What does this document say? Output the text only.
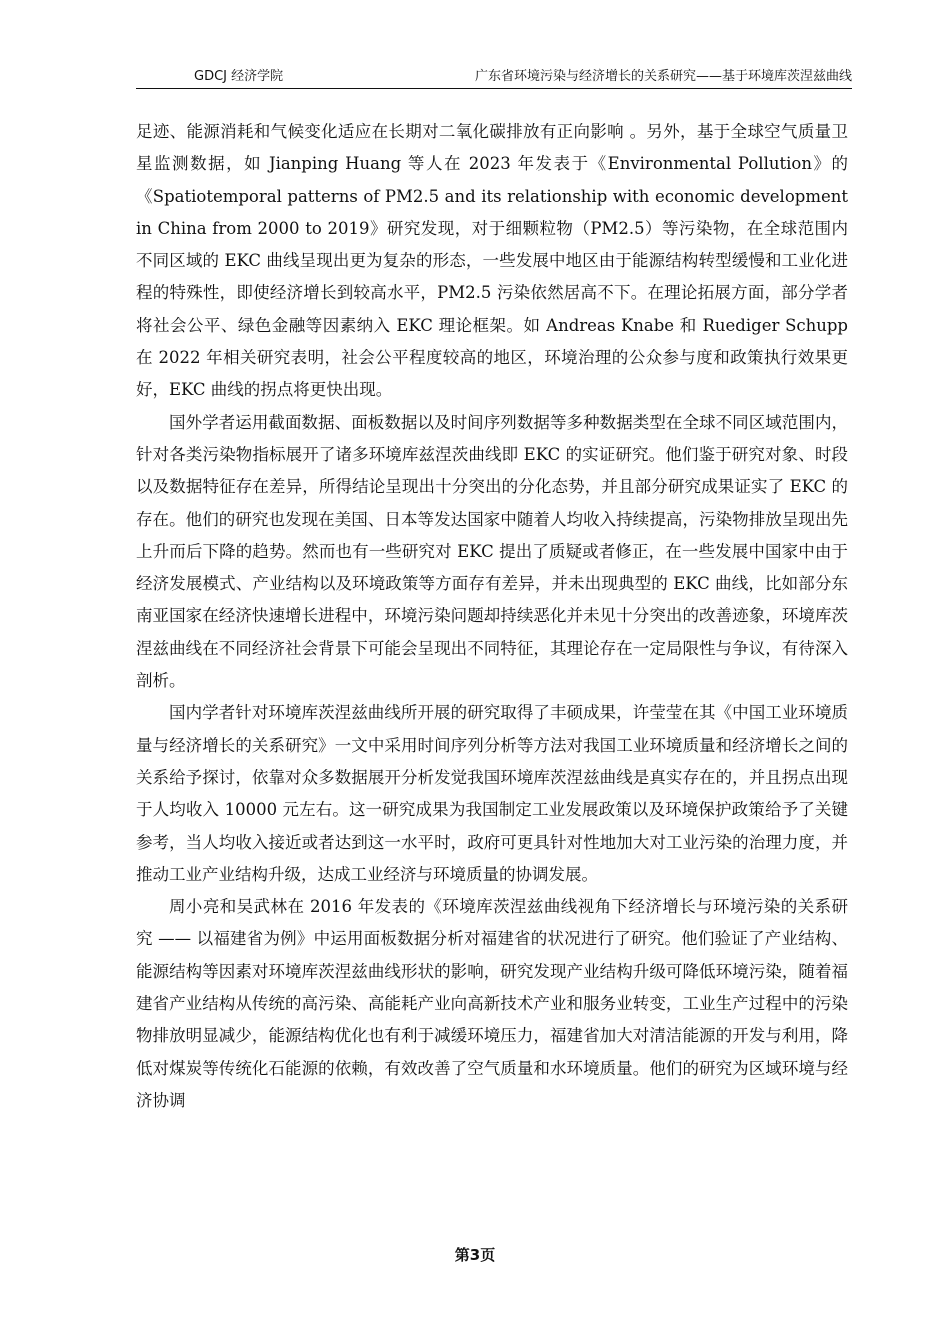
GDCJ 经济学院	广东省环境污染与经济增长的关系研究——基于环境库茨涅兹曲线

足迹、能源消耗和气候变化适应在长期对二氧化碳排放有正向影响 。另外，基于全球空气质量卫星监测数据，如 Jianping Huang 等人在 2023 年发表于《Environmental Pollution》的《Spatiotemporal patterns of PM2.5 and its relationship with economic development in China from 2000 to 2019》研究发现，对于细颗粒物（PM2.5）等污染物，在全球范围内不同区域的 EKC 曲线呈现出更为复杂的形态，一些发展中地区由于能源结构转型缓慢和工业化进程的特殊性，即使经济增长到较高水平，PM2.5 污染依然居高不下。在理论拓展方面，部分学者将社会公平、绿色金融等因素纳入 EKC 理论框架。如 Andreas Knabe 和 Ruediger Schupp 在 2022 年相关研究表明，社会公平程度较高的地区，环境治理的公众参与度和政策执行效果更好，EKC 曲线的拐点将更快出现。

国外学者运用截面数据、面板数据以及时间序列数据等多种数据类型在全球不同区域范围内，针对各类污染物指标展开了诸多环境库兹涅茨曲线即 EKC 的实证研究。他们鉴于研究对象、时段以及数据特征存在差异，所得结论呈现出十分突出的分化态势，并且部分研究成果证实了 EKC 的存在。他们的研究也发现在美国、日本等发达国家中随着人均收入持续提高，污染物排放呈现出先上升而后下降的趋势。然而也有一些研究对 EKC 提出了质疑或者修正，在一些发展中国家中由于经济发展模式、产业结构以及环境政策等方面存有差异，并未出现典型的 EKC 曲线，比如部分东南亚国家在经济快速增长进程中，环境污染问题却持续恶化并未见十分突出的改善迹象，环境库茨涅兹曲线在不同经济社会背景下可能会呈现出不同特征，其理论存在一定局限性与争议，有待深入剖析。

国内学者针对环境库茨涅兹曲线所开展的研究取得了丰硕成果，许莹莹在其《中国工业环境质量与经济增长的关系研究》一文中采用时间序列分析等方法对我国工业环境质量和经济增长之间的关系给予探讨，依靠对众多数据展开分析发觉我国环境库茨涅兹曲线是真实存在的，并且拐点出现于人均收入 10000 元左右。这一研究成果为我国制定工业发展政策以及环境保护政策给予了关键参考，当人均收入接近或者达到这一水平时，政府可更具针对性地加大对工业污染的治理力度，并推动工业产业结构升级，达成工业经济与环境质量的协调发展。

周小亮和吴武林在 2016 年发表的《环境库茨涅兹曲线视角下经济增长与环境污染的关系研究 —— 以福建省为例》中运用面板数据分析对福建省的状况进行了研究。他们验证了产业结构、能源结构等因素对环境库茨涅兹曲线形状的影响，研究发现产业结构升级可降低环境污染，随着福建省产业结构从传统的高污染、高能耗产业向高新技术产业和服务业转变，工业生产过程中的污染物排放明显减少，能源结构优化也有利于减缓环境压力，福建省加大对清洁能源的开发与利用，降低对煤炭等传统化石能源的依赖，有效改善了空气质量和水环境质量。他们的研究为区域环境与经济协调

第3页
